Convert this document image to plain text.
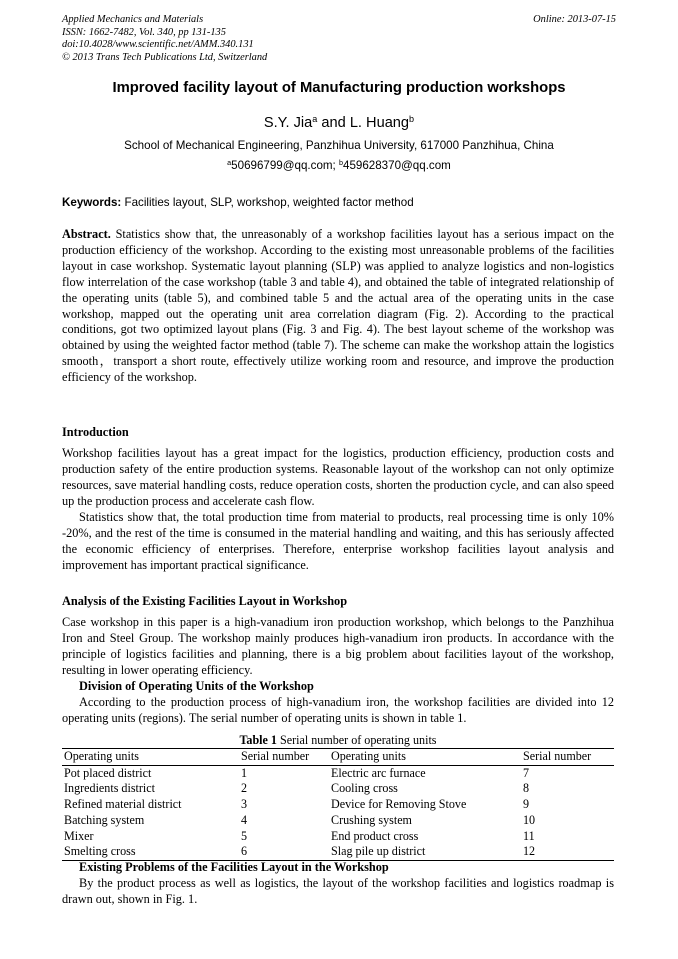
Applied Mechanics and Materials
ISSN: 1662-7482, Vol. 340, pp 131-135
doi:10.4028/www.scientific.net/AMM.340.131
© 2013 Trans Tech Publications Ltd, Switzerland
Online: 2013-07-15
Improved facility layout of Manufacturing production workshops
S.Y. Jia$^a$ and L. Huang$^b$
School of Mechanical Engineering, Panzhihua University, 617000 Panzhihua, China
$^a$50696799@qq.com; $^b$459628370@qq.com
Keywords: Facilities layout, SLP, workshop, weighted factor method

Abstract. Statistics show that, the unreasonably of a workshop facilities layout has a serious impact on the production efficiency of the workshop. According to the existing most unreasonable problems of the facilities layout in case workshop. Systematic layout planning (SLP) was applied to analyze logistics and non-logistics flow interrelation of the case workshop (table 3 and table 4), and obtained the table of integrated relationship of the operating units (table 5), and combined table 5 and the actual area of the operating units in the case workshop, mapped out the operating unit area correlation diagram (Fig. 2). According to the practical conditions, got two optimized layout plans (Fig. 3 and Fig. 4). The best layout scheme of the workshop was obtained by using the weighted factor method (table 7). The scheme can make the workshop attain the logistics smooth，transport a short route, effectively utilize working room and resource, and improve the production efficiency of the workshop.

Introduction

Workshop facilities layout has a great impact for the logistics, production efficiency, production costs and production safety of the entire production systems. Reasonable layout of the workshop can not only optimize resources, save material handling costs, reduce operation costs, shorten the production cycle, and can also speed up the production process and accelerate cash flow.

Statistics show that, the total production time from material to products, real processing time is only 10% -20%, and the rest of the time is consumed in the material handling and waiting, and this has seriously affected the economic efficiency of enterprises. Therefore, enterprise workshop facilities layout analysis and improvement has important practical significance.

Analysis of the Existing Facilities Layout in Workshop

Case workshop in this paper is a high-vanadium iron production workshop, which belongs to the Panzhihua Iron and Steel Group. The workshop mainly produces high-vanadium iron products. In accordance with the principle of logistics facilities and planning, there is a big problem about facilities layout of the workshop, resulting in lower operating efficiency.

Division of Operating Units of the Workshop

According to the production process of high-vanadium iron, the workshop facilities are divided into 12 operating units (regions). The serial number of operating units is shown in table 1.

Table 1 Serial number of operating units
Operating units	Serial number	Operating units	Serial number
Pot placed district	1	Electric arc furnace	7
Ingredients district	2	Cooling cross	8
Refined material district	3	Device for Removing Stove	9
Batching system	4	Crushing system	10
Mixer	5	End product cross	11
Smelting cross	6	Slag pile up district	12
Existing Problems of the Facilities Layout in the Workshop

By the product process as well as logistics, the layout of the workshop facilities and logistics roadmap is drawn out, shown in Fig. 1.
